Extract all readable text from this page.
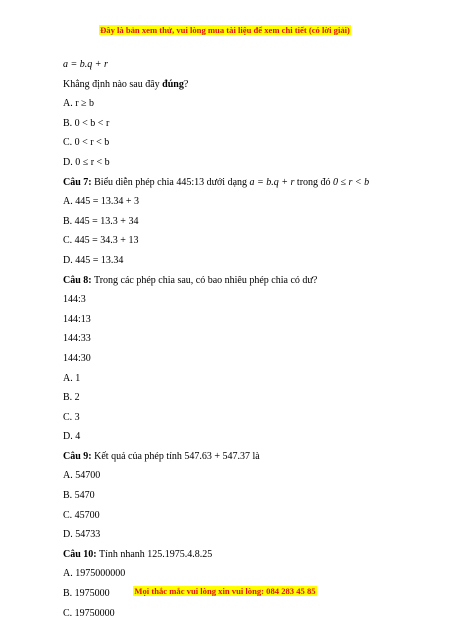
Đây là bản xem thử, vui lòng mua tài liệu để xem chi tiết (có lời giải)
a = b.q + r
Khẳng định nào sau đây đúng?
A. r ≥ b
B. 0 < b < r
C. 0 < r < b
D. 0 ≤ r < b
Câu 7: Biểu diễn phép chia 445:13 dưới dạng a = b.q + r trong đó 0 ≤ r < b
A. 445 = 13.34 + 3
B. 445 = 13.3 + 34
C. 445 = 34.3 + 13
D. 445 = 13.34
Câu 8: Trong các phép chia sau, có bao nhiêu phép chia có dư?
144:3
144:13
144:33
144:30
A. 1
B. 2
C. 3
D. 4
Câu 9: Kết quả của phép tính 547.63 + 547.37 là
A. 54700
B. 5470
C. 45700
D. 54733
Câu 10: Tính nhanh 125.1975.4.8.25
A. 1975000000
B. 1975000
C. 19750000
Mọi thắc mắc vui lòng xin vui lòng: 084 283 45 85
